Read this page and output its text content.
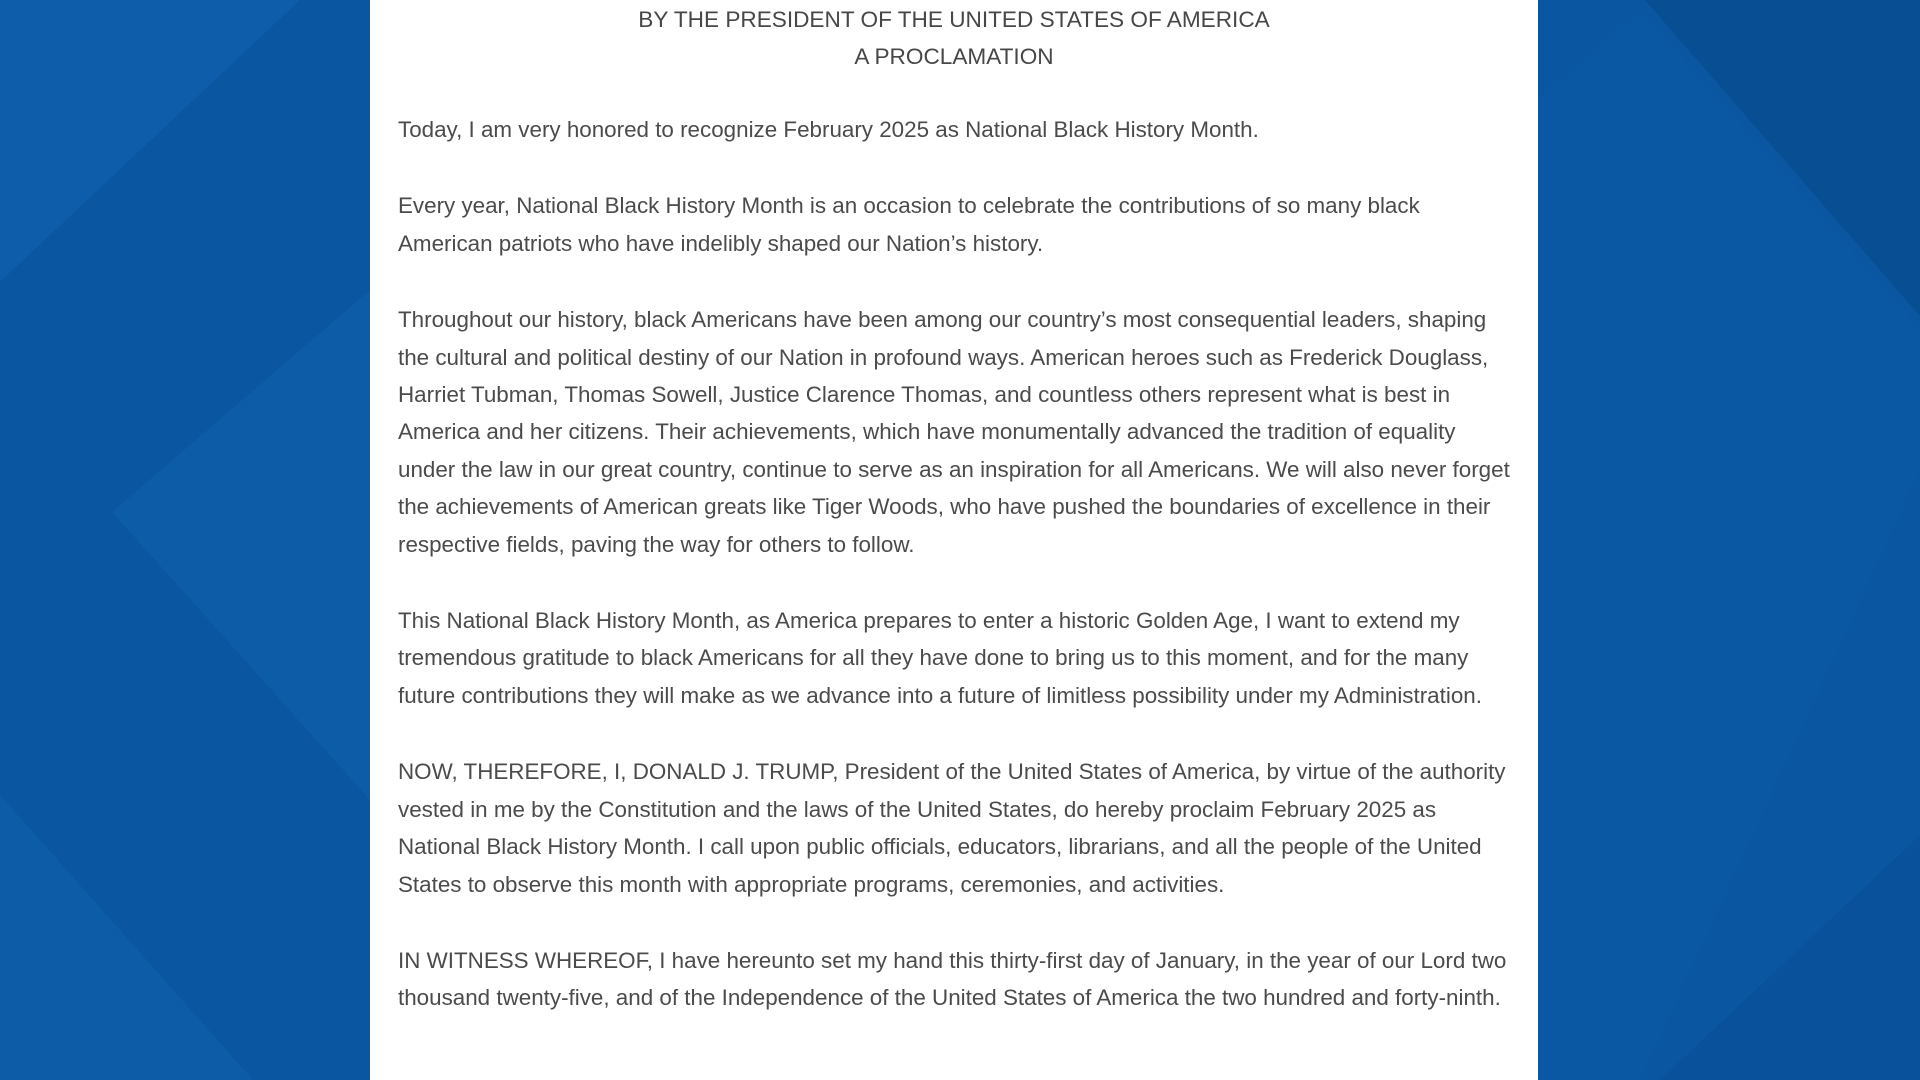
BY THE PRESIDENT OF THE UNITED STATES OF AMERICA
A PROCLAMATION

Today, I am very honored to recognize February 2025 as National Black History Month.

Every year, National Black History Month is an occasion to celebrate the contributions of so many black American patriots who have indelibly shaped our Nation’s history.

Throughout our history, black Americans have been among our country’s most consequential leaders, shaping the cultural and political destiny of our Nation in profound ways. American heroes such as Frederick Douglass, Harriet Tubman, Thomas Sowell, Justice Clarence Thomas, and countless others represent what is best in America and her citizens. Their achievements, which have monumentally advanced the tradition of equality under the law in our great country, continue to serve as an inspiration for all Americans. We will also never forget the achievements of American greats like Tiger Woods, who have pushed the boundaries of excellence in their respective fields, paving the way for others to follow.

This National Black History Month, as America prepares to enter a historic Golden Age, I want to extend my tremendous gratitude to black Americans for all they have done to bring us to this moment, and for the many future contributions they will make as we advance into a future of limitless possibility under my Administration.

NOW, THEREFORE, I, DONALD J. TRUMP, President of the United States of America, by virtue of the authority vested in me by the Constitution and the laws of the United States, do hereby proclaim February 2025 as National Black History Month. I call upon public officials, educators, librarians, and all the people of the United States to observe this month with appropriate programs, ceremonies, and activities.

IN WITNESS WHEREOF, I have hereunto set my hand this thirty-first day of January, in the year of our Lord two thousand twenty-five, and of the Independence of the United States of America the two hundred and forty-ninth.
